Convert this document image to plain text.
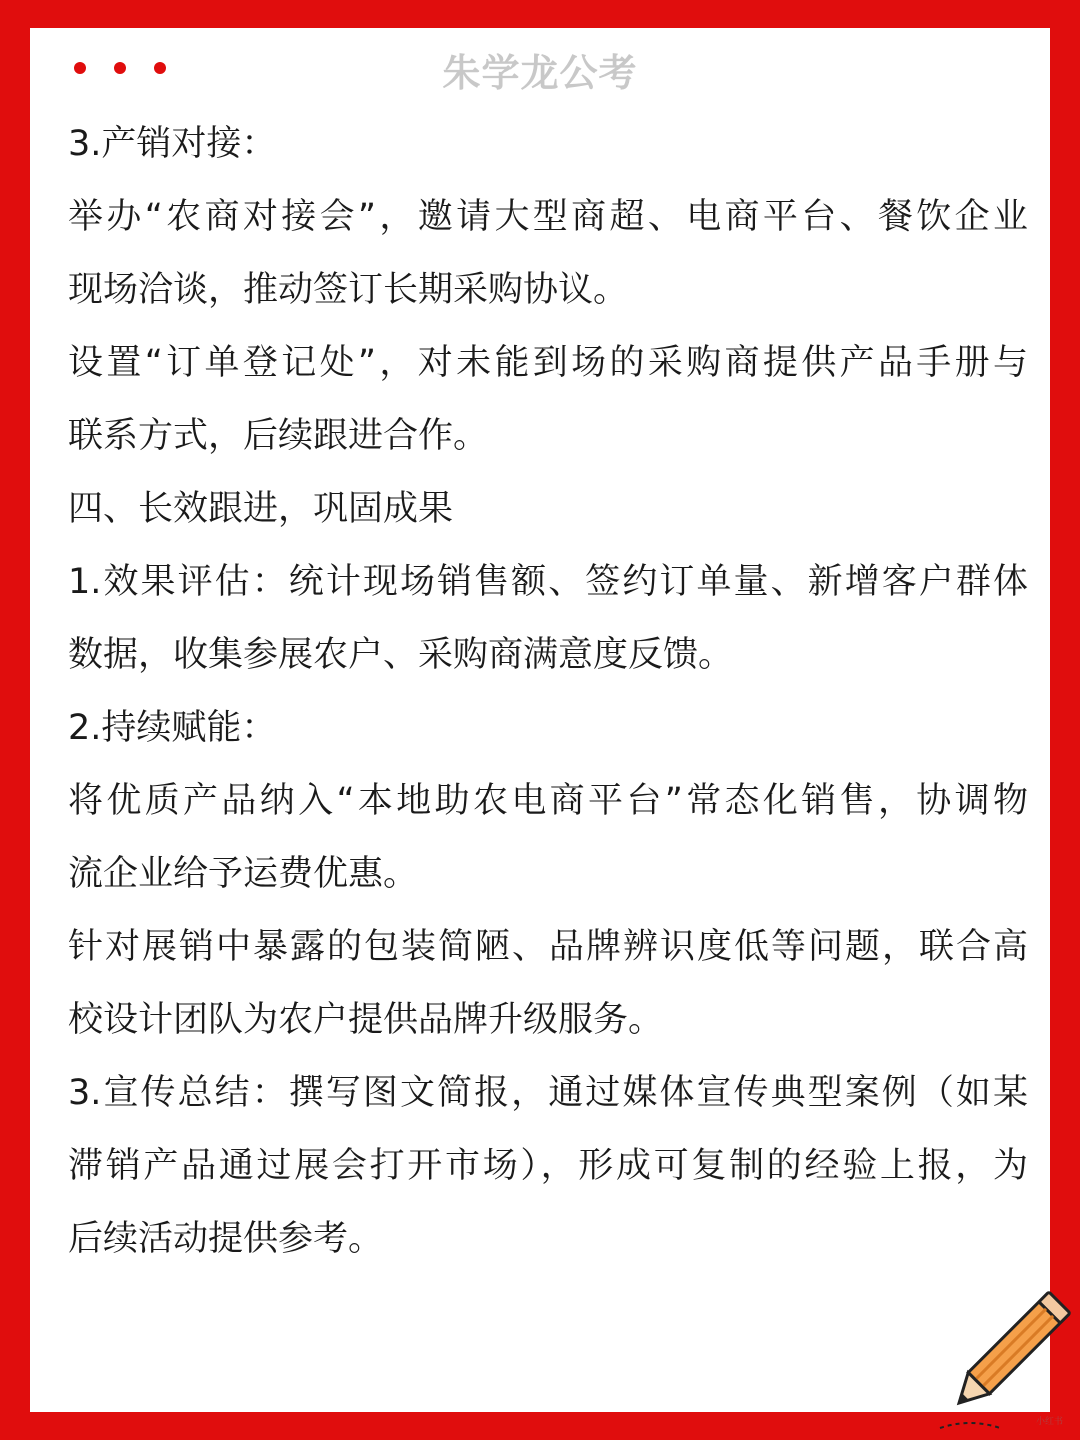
朱学龙公考
3.产销对接：
举办“农商对接会”，邀请大型商超、电商平台、餐饮企业
现场洽谈，推动签订长期采购协议。
设置“订单登记处”，对未能到场的采购商提供产品手册与
联系方式，后续跟进合作。
四、长效跟进，巩固成果
1.效果评估：统计现场销售额、签约订单量、新增客户群体
数据，收集参展农户、采购商满意度反馈。
2.持续赋能：
将优质产品纳入“本地助农电商平台”常态化销售，协调物
流企业给予运费优惠。
针对展销中暴露的包装简陋、品牌辨识度低等问题，联合高
校设计团队为农户提供品牌升级服务。
3.宣传总结：撰写图文简报，通过媒体宣传典型案例（如某
滞销产品通过展会打开市场），形成可复制的经验上报，为
后续活动提供参考。
小红书
